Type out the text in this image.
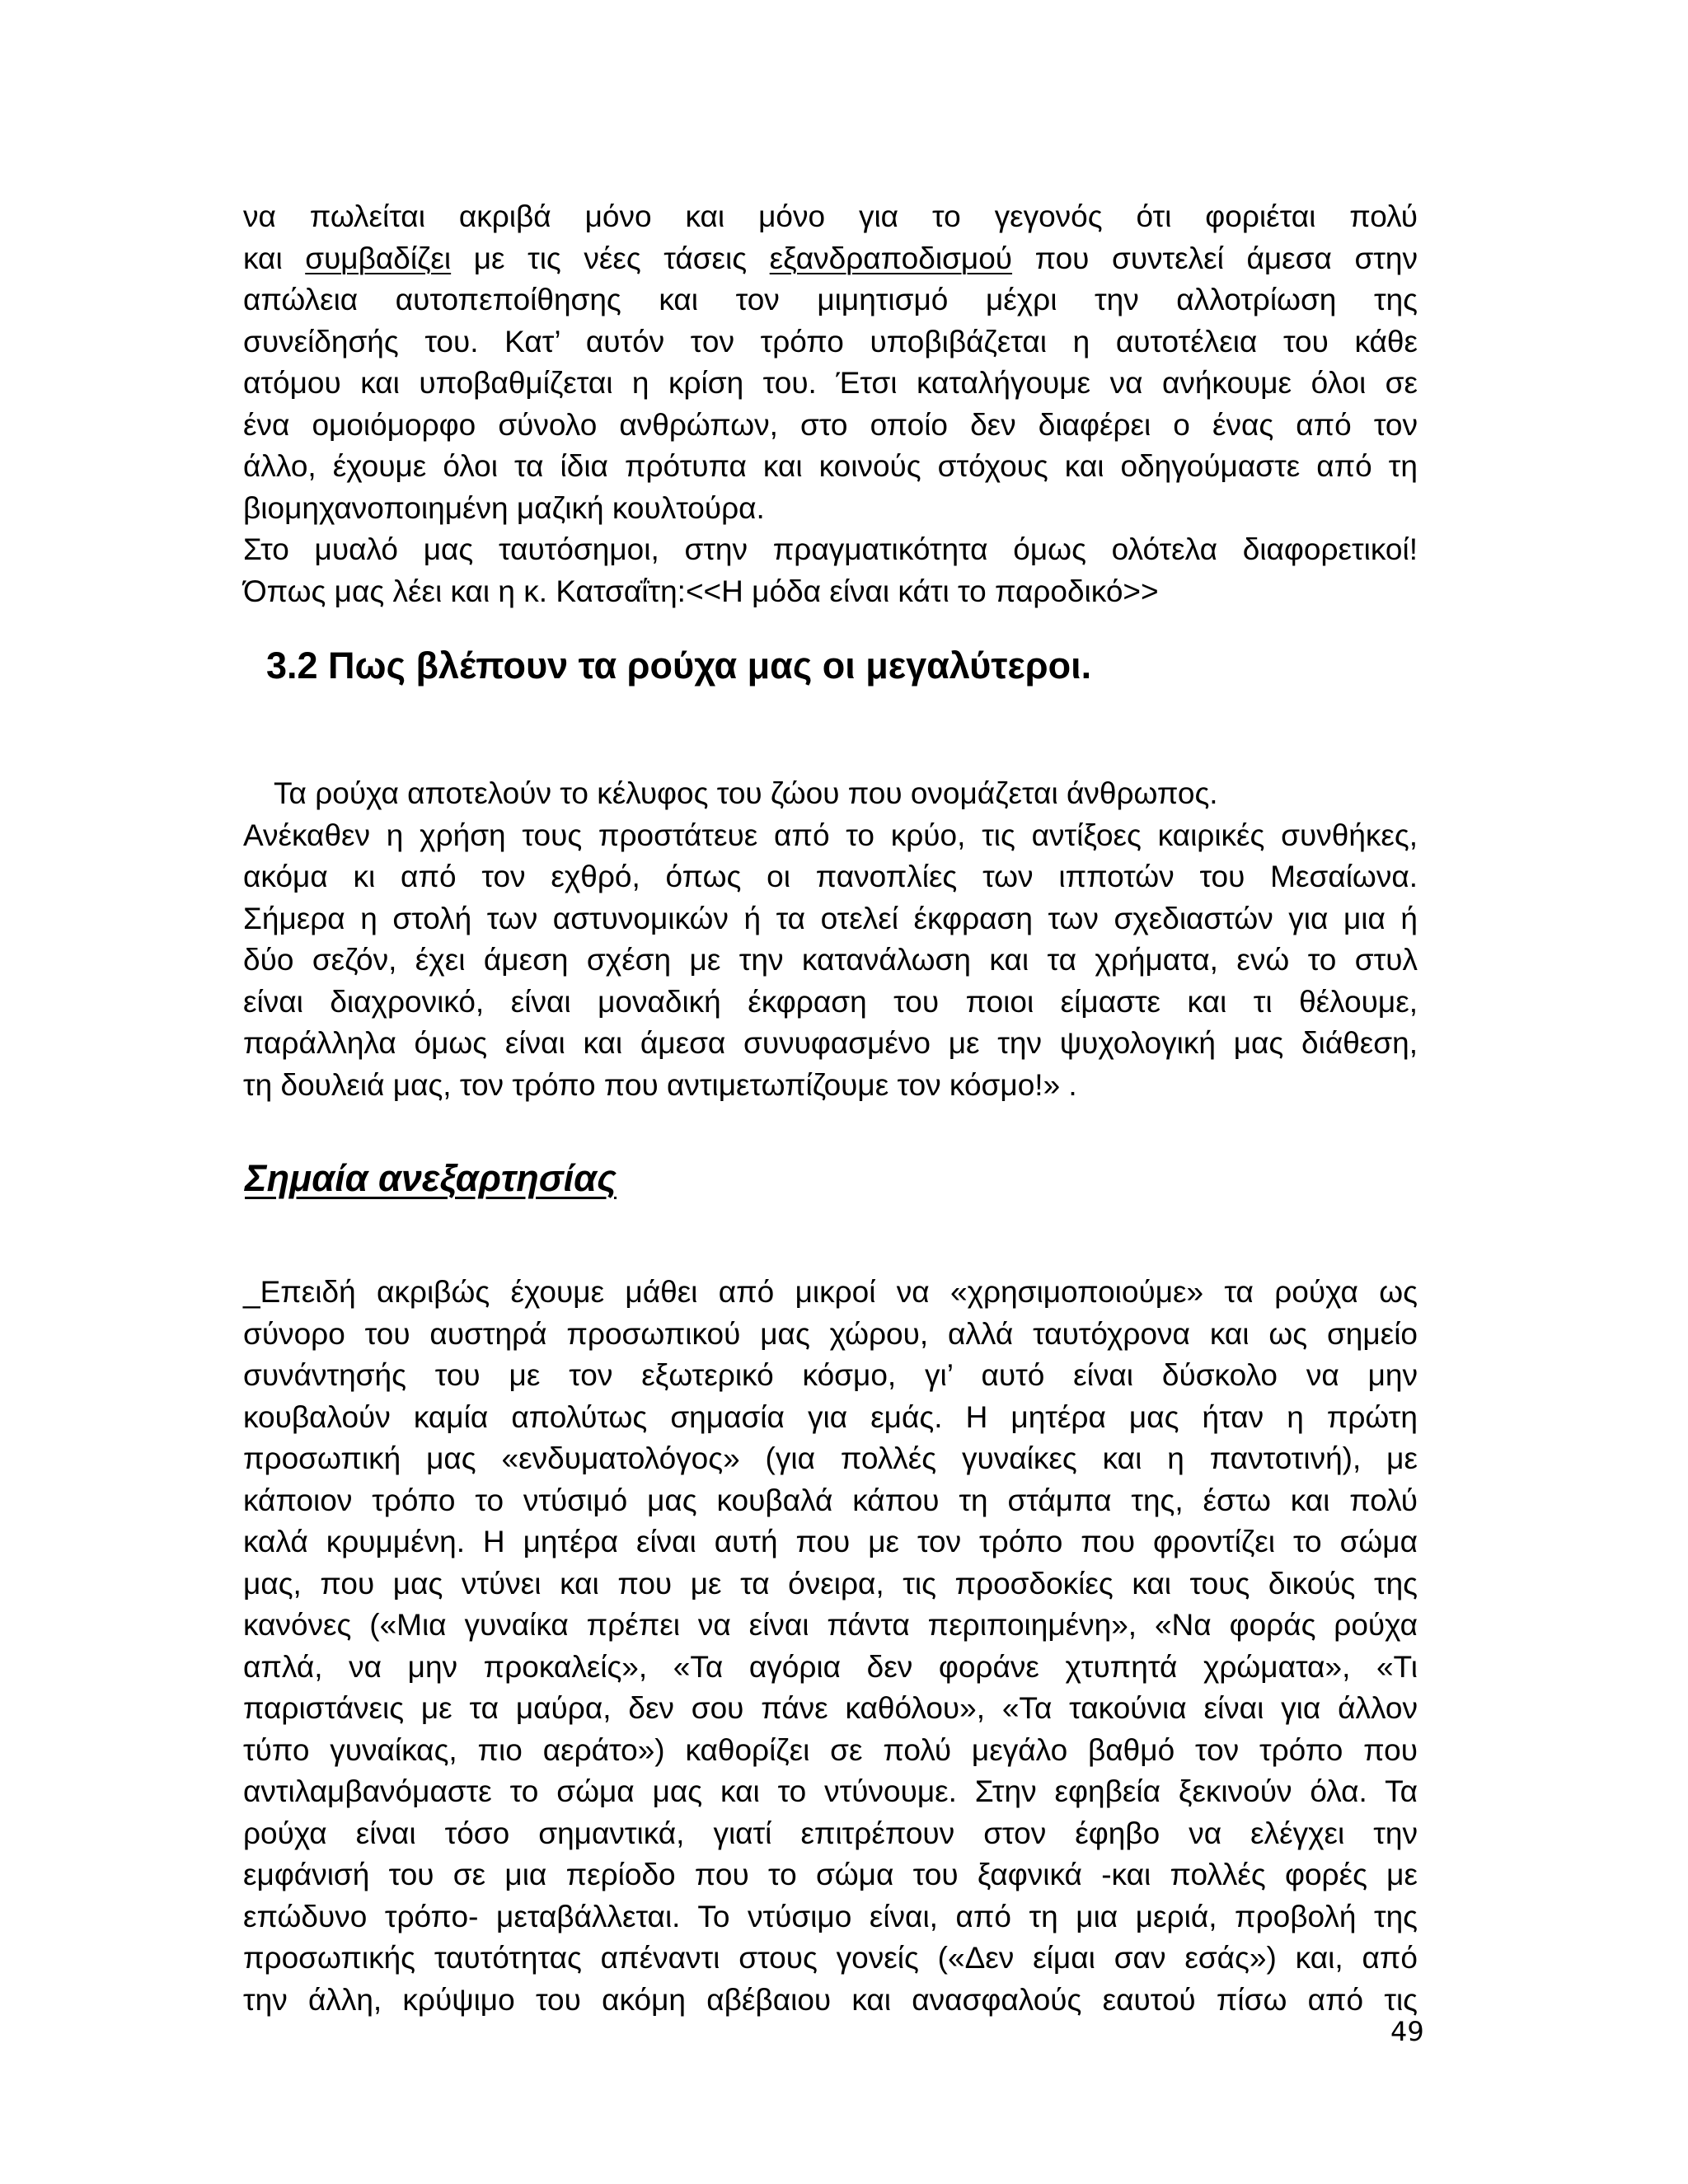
να πωλείται ακριβά μόνο και μόνο για το γεγονός ότι φοριέται πολύ
και συμβαδίζει με τις νέες τάσεις εξανδραποδισμού που συντελεί άμεσα στην
απώλεια αυτοπεποίθησης και τον μιμητισμό μέχρι την αλλοτρίωση της
συνείδησής του. Κατ’ αυτόν τον τρόπο υποβιβάζεται η αυτοτέλεια του κάθε
ατόμου και υποβαθμίζεται η κρίση του. Έτσι καταλήγουμε να ανήκουμε όλοι σε
ένα ομοιόμορφο σύνολο ανθρώπων, στο οποίο δεν διαφέρει ο ένας από τον
άλλο, έχουμε όλοι τα ίδια πρότυπα και κοινούς στόχους και οδηγούμαστε από τη
βιομηχανοποιημένη μαζική κουλτούρα.
Στο μυαλό μας ταυτόσημοι, στην πραγματικότητα όμως ολότελα διαφορετικοί!
Όπως μας λέει και η κ. Κατσαΐτη:<<Η μόδα είναι κάτι το παροδικό>>
3.2 Πως βλέπουν τα ρούχα μας οι μεγαλύτεροι.
Τα ρούχα αποτελούν το κέλυφος του ζώου που ονομάζεται άνθρωπος.
Ανέκαθεν η χρήση τους προστάτευε από το κρύο, τις αντίξοες καιρικές συνθήκες,
ακόμα κι από τον εχθρό, όπως οι πανοπλίες των ιπποτών του Μεσαίωνα.
Σήμερα η στολή των αστυνομικών ή τα οτελεί έκφραση των σχεδιαστών για μια ή
δύο σεζόν, έχει άμεση σχέση με την κατανάλωση και τα χρήματα, ενώ το στυλ
είναι διαχρονικό, είναι μοναδική έκφραση του ποιοι είμαστε και τι θέλουμε,
παράλληλα όμως είναι και άμεσα συνυφασμένο με την ψυχολογική μας διάθεση,
τη δουλειά μας, τον τρόπο που αντιμετωπίζουμε τον κόσμο!» .
Σημαία ανεξαρτησίας
_Επειδή ακριβώς έχουμε μάθει από μικροί να «χρησιμοποιούμε» τα ρούχα ως
σύνορο του αυστηρά προσωπικού μας χώρου, αλλά ταυτόχρονα και ως σημείο
συνάντησής του με τον εξωτερικό κόσμο, γι’ αυτό είναι δύσκολο να μην
κουβαλούν καμία απολύτως σημασία για εμάς. Η μητέρα μας ήταν η πρώτη
προσωπική μας «ενδυματολόγος» (για πολλές γυναίκες και η παντοτινή), με
κάποιον τρόπο το ντύσιμό μας κουβαλά κάπου τη στάμπα της, έστω και πολύ
καλά κρυμμένη. Η μητέρα είναι αυτή που με τον τρόπο που φροντίζει το σώμα
μας, που μας ντύνει και που με τα όνειρα, τις προσδοκίες και τους δικούς της
κανόνες («Μια γυναίκα πρέπει να είναι πάντα περιποιημένη», «Να φοράς ρούχα
απλά, να μην προκαλείς», «Τα αγόρια δεν φοράνε χτυπητά χρώματα», «Τι
παριστάνεις με τα μαύρα, δεν σου πάνε καθόλου», «Τα τακούνια είναι για άλλον
τύπο γυναίκας, πιο αεράτο») καθορίζει σε πολύ μεγάλο βαθμό τον τρόπο που
αντιλαμβανόμαστε το σώμα μας και το ντύνουμε. Στην εφηβεία ξεκινούν όλα. Τα
ρούχα είναι τόσο σημαντικά, γιατί επιτρέπουν στον έφηβο να ελέγχει την
εμφάνισή του σε μια περίοδο που το σώμα του ξαφνικά -και πολλές φορές με
επώδυνο τρόπο- μεταβάλλεται. Το ντύσιμο είναι, από τη μια μεριά, προβολή της
προσωπικής ταυτότητας απέναντι στους γονείς («Δεν είμαι σαν εσάς») και, από
την άλλη, κρύψιμο του ακόμη αβέβαιου και ανασφαλούς εαυτού πίσω από τις
49
